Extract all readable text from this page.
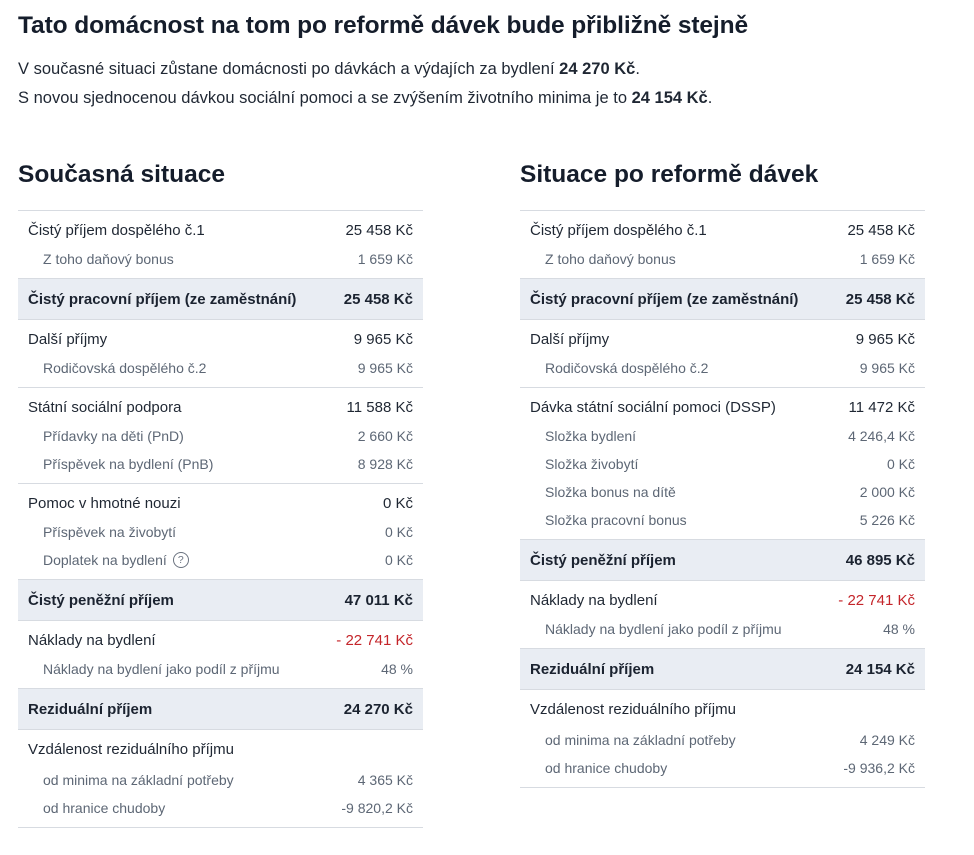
Tato domácnost na tom po reformě dávek bude přibližně stejně
V současné situaci zůstane domácnosti po dávkách a výdajích za bydlení 24 270 Kč.
S novou sjednocenou dávkou sociální pomoci a se zvýšením životního minima je to 24 154 Kč.
Současná situace
Čistý příjem dospělého č.1	25 458 Kč
Z toho daňový bonus	1 659 Kč
Čistý pracovní příjem (ze zaměstnání)	25 458 Kč
Další příjmy	9 965 Kč
Rodičovská dospělého č.2	9 965 Kč
Státní sociální podpora	11 588 Kč
Přídavky na děti (PnD)	2 660 Kč
Příspěvek na bydlení (PnB)	8 928 Kč
Pomoc v hmotné nouzi	0 Kč
Příspěvek na živobytí	0 Kč
Doplatek na bydlení	?	0 Kč
Čistý peněžní příjem	47 011 Kč
Náklady na bydlení	- 22 741 Kč
Náklady na bydlení jako podíl z příjmu	48 %
Reziduální příjem	24 270 Kč
Vzdálenost reziduálního příjmu
od minima na základní potřeby	4 365 Kč
od hranice chudoby	-9 820,2 Kč
Situace po reformě dávek
Čistý příjem dospělého č.1	25 458 Kč
Z toho daňový bonus	1 659 Kč
Čistý pracovní příjem (ze zaměstnání)	25 458 Kč
Další příjmy	9 965 Kč
Rodičovská dospělého č.2	9 965 Kč
Dávka státní sociální pomoci (DSSP)	11 472 Kč
Složka bydlení	4 246,4 Kč
Složka živobytí	0 Kč
Složka bonus na dítě	2 000 Kč
Složka pracovní bonus	5 226 Kč
Čistý peněžní příjem	46 895 Kč
Náklady na bydlení	- 22 741 Kč
Náklady na bydlení jako podíl z příjmu	48 %
Reziduální příjem	24 154 Kč
Vzdálenost reziduálního příjmu
od minima na základní potřeby	4 249 Kč
od hranice chudoby	-9 936,2 Kč
